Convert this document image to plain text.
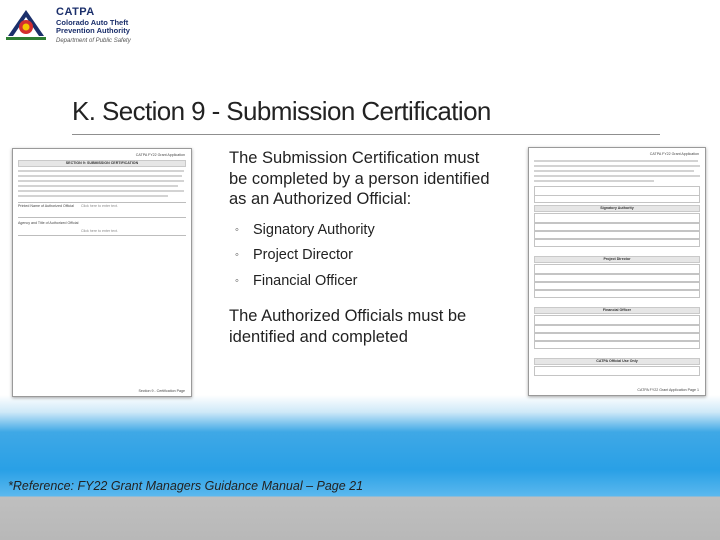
CATPA
Colorado Auto Theft
Prevention Authority
Department of Public Safety
K. Section 9 - Submission Certification
CATPA FY22 Grant Application
SECTION 9: SUBMISSION CERTIFICATION
Printed Name of Authorized Official Click here to enter text.
Agency and Title of Authorized Official
Click here to enter text.
Section 9 - Certification Page

The Submission Certification must be completed by a person identified as an Authorized Official:

◦ Signatory Authority
◦ Project Director
◦ Financial Officer

The Authorized Officials must be identified and completed

CATPA FY22 Grant Application
Signatory Authority
Project Director
Financial Officer
CATPA Official Use Only
CATPA FY22 Grant Application Page 1
*Reference: FY22 Grant Managers Guidance Manual – Page 21
